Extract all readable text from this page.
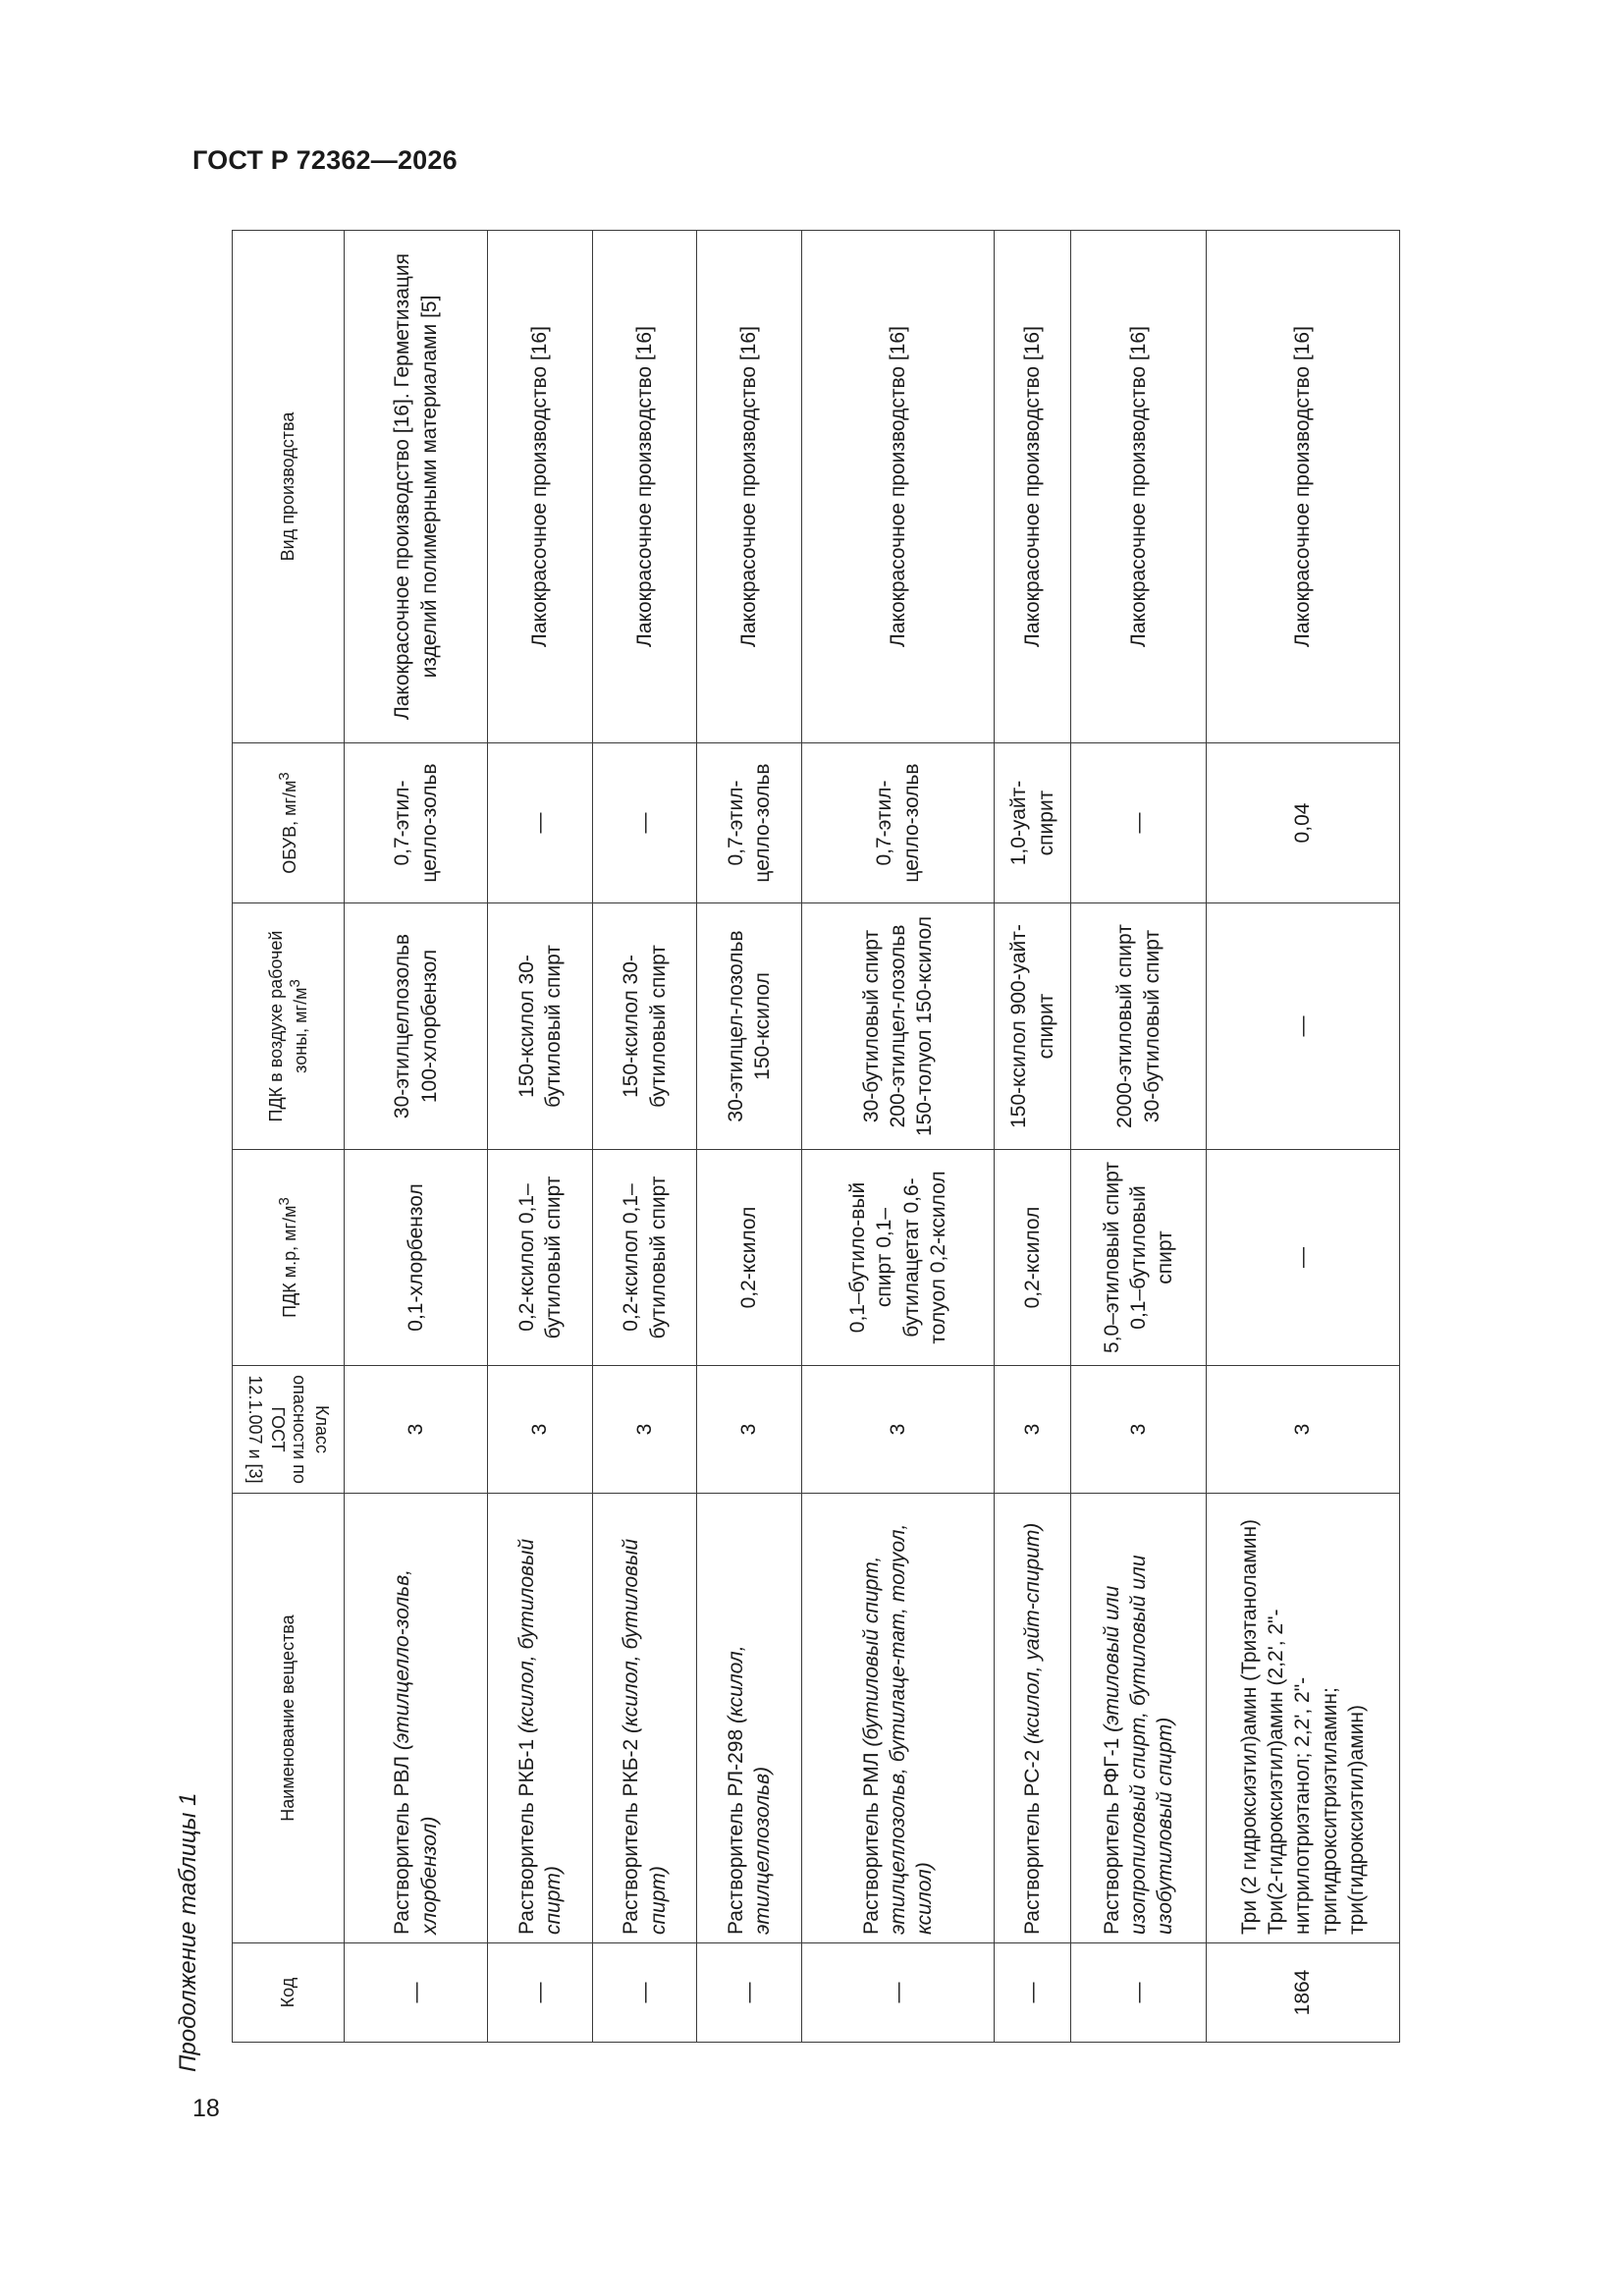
ГОСТ Р 72362—2026
Продолжение таблицы 1
18
Код	Наименование вещества	Класс опасности по ГОСТ 12.1.007 и [3]	ПДК м.р, $мг/м^3$	ПДК в воздухе рабочей зоны, $мг/м^3$	ОБУВ, $мг/м^3$	Вид производства
—	Растворитель РВЛ (этилцелло-зольв, хлорбензол)	3	0,1-хлорбензол	30-этилцеллозольв 100-хлорбензол	0,7-этил-целло-зольв	Лакокрасочное производство [16]. Герметизация изделий полимерными материалами [5]
—	Растворитель РКБ-1 (ксилол, бутиловый спирт)	3	0,2-ксилол 0,1–бутиловый спирт	150-ксилол 30-бутиловый спирт	—	Лакокрасочное производство [16]
—	Растворитель РКБ-2 (ксилол, бутиловый спирт)	3	0,2-ксилол 0,1–бутиловый спирт	150-ксилол 30-бутиловый спирт	—	Лакокрасочное производство [16]
—	Растворитель РЛ-298 (ксилол, этилцеллозольв)	3	0,2-ксилол	30-этилцел-лозольв 150-ксилол	0,7-этил-целло-зольв	Лакокрасочное производство [16]
—	Растворитель РМЛ (бутиловый спирт, этилцеллозольв, бутилаце-тат, толуол, ксилол)	3	0,1–бутило-вый спирт 0,1–бутилацетат 0,6-толуол 0,2-ксилол	30-бутиловый спирт 200-этилцел-лозольв 150-толуол 150-ксилол	0,7-этил-целло-зольв	Лакокрасочное производство [16]
—	Растворитель РС-2 (ксилол, уайт-спирит)	3	0,2-ксилол	150-ксилол 900-уайт-спирит	1,0-уайт-спирит	Лакокрасочное производство [16]
—	Растворитель РФГ-1 (этиловый или изопропиловый спирт, бутиловый или изобутиловый спирт)	3	5,0–этиловый спирт 0,1–бутиловый спирт	2000-этиловый спирт 30-бутиловый спирт	—	Лакокрасочное производство [16]
1864	Три (2 гидроксиэтил)амин (Триэтаноламин) Три(2-гидроксиэтил)амин (2,2', 2"-нитрилотриэтанол; 2,2', 2"-тригидрокситриэтиламин; три(гидроксиэтил)амин)	3	—	—	0,04	Лакокрасочное производство [16]
